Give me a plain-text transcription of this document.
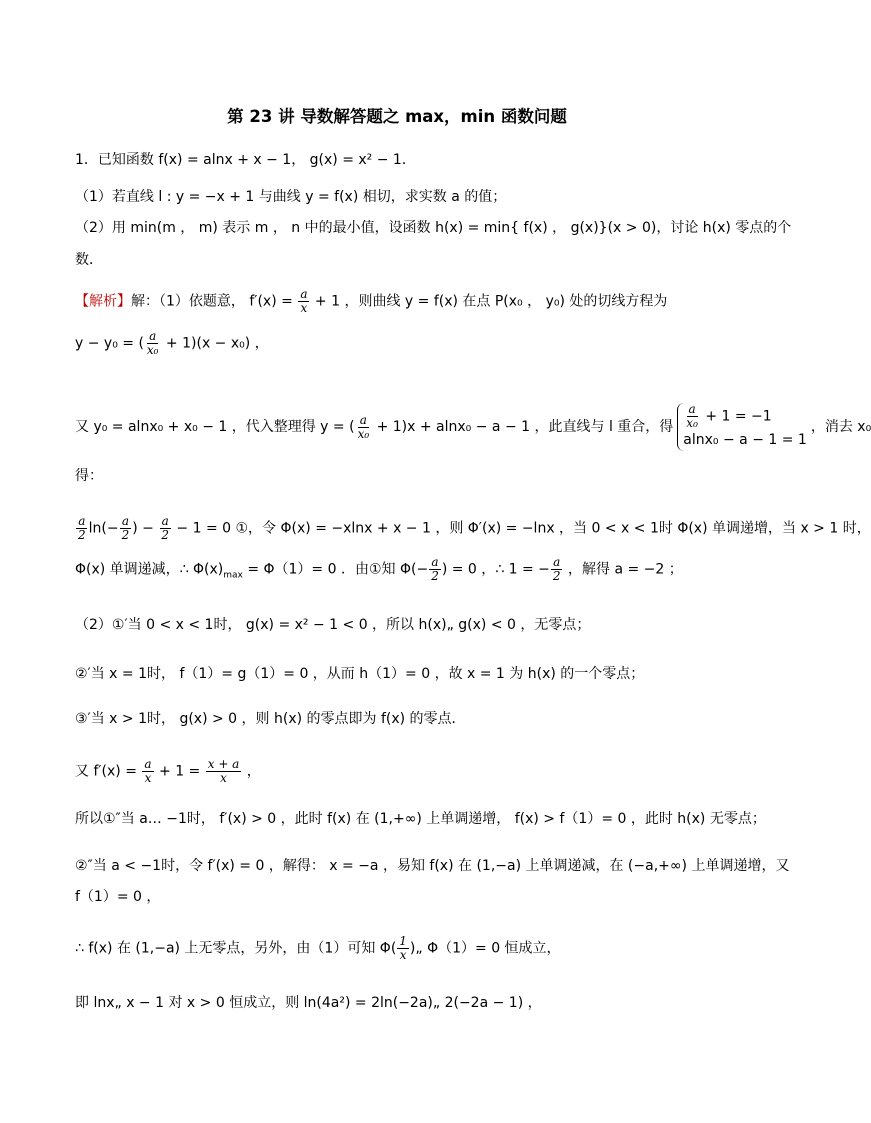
第 23 讲 导数解答题之 max，min 函数问题
1．已知函数 f(x) = alnx + x − 1， g(x) = x² − 1．
（1）若直线 l : y = −x + 1 与曲线 y = f(x) 相切，求实数 a 的值；
（2）用 min(m ， m) 表示 m ， n 中的最小值，设函数 h(x) = min{ f(x) ， g(x)}(x > 0)，讨论 h(x) 零点的个
数．
【解析】解：（1）依题意， $f'(x) = \frac{a}{x} + 1$ ，则曲线 y = f(x) 在点 P(x₀ ， y₀) 处的切线方程为
y − y₀ = ( $\frac{a}{\text{x₀}} + 1)(x - x_0)$ ，
又 y₀ = alnx₀ + x₀ − 1 ，代入整理得 y = ( $\frac{a}{\text{x₀}} + 1)x + alnx_0 - a - 1$ ，此直线与 l 重合，得 $\frac{a}{\text{x₀}} + 1 = -1$
alnx₀ − a − 1 = 1
，消去 x₀
得：
$\frac{a}{2} \ln(- \frac{a}{2}$ ) − $\frac{a}{2} - 1 = 0$ ①，令 Φ(x) = −xlnx + x − 1 ，则 Φ′(x) = −lnx ，当 0 < x < 1时 Φ(x) 单调递增，当 x > 1 时，
Φ(x) 单调递减，∴ $\Phi(x)_{max} = \Phi(1)= 0$ ．由①知 $\Phi(- \frac{a}{2}$ ) = 0 ，∴ 1 = − $\frac{a}{2}$ ，解得 a = −2 ；
（2）①′当 0 < x < 1时， g(x) = x² − 1 < 0 ，所以 h(x)„ g(x) < 0 ，无零点；
②′当 x = 1时， f（1）= g（1）= 0 ，从而 h（1）= 0 ，故 x = 1 为 h(x) 的一个零点；
③′当 x > 1时， g(x) > 0 ，则 h(x) 的零点即为 f(x) 的零点．
又 $f'(x) = \frac{a}{x} + 1 = \frac{x + a}{x}$ ，
所以①″当 a… −1时， f′(x) > 0 ，此时 f(x) 在 (1,+∞) 上单调递增， f(x) > f（1）= 0 ，此时 h(x) 无零点；
②″当 a < −1时，令 f′(x) = 0 ，解得： x = −a ，易知 f(x) 在 (1,−a) 上单调递减，在 (−a,+∞) 上单调递增，又
f（1）= 0 ，
∴ f(x) 在 (1,−a) 上无零点，另外，由（1）可知 $\Phi( \frac{1}{x}$ )„ Φ（1）= 0 恒成立，
即 lnx„ x − 1 对 x > 0 恒成立，则 ln(4a²) = 2ln(−2a)„ 2(−2a − 1) ，
